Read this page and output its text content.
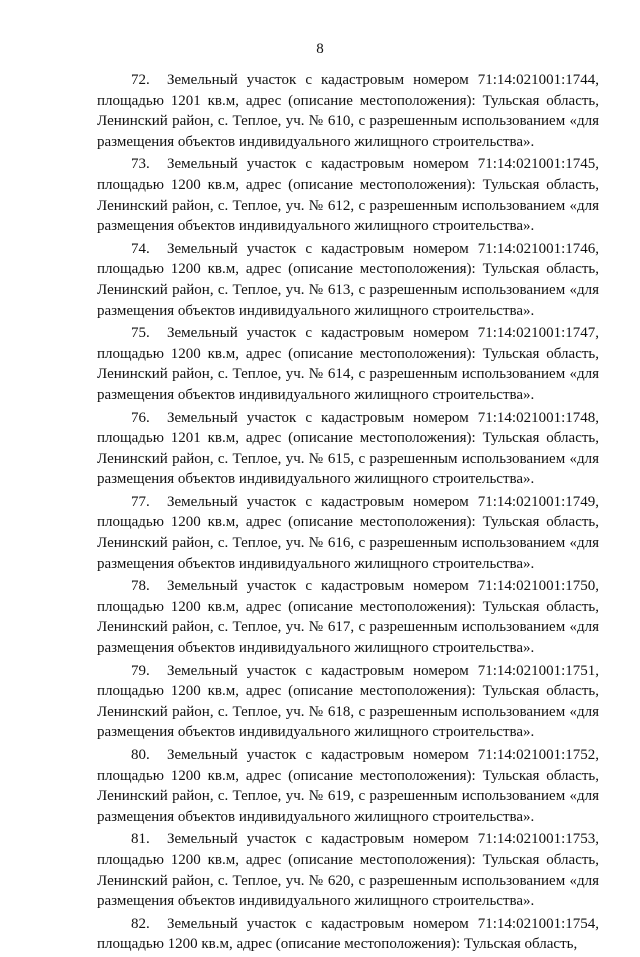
8

72. Земельный участок с кадастровым номером 71:14:021001:1744, площадью 1201 кв.м, адрес (описание местоположения): Тульская область, Ленинский район, с. Теплое, уч. № 610, с разрешенным использованием «для размещения объектов индивидуального жилищного строительства».

73. Земельный участок с кадастровым номером 71:14:021001:1745, площадью 1200 кв.м, адрес (описание местоположения): Тульская область, Ленинский район, с. Теплое, уч. № 612, с разрешенным использованием «для размещения объектов индивидуального жилищного строительства».

74. Земельный участок с кадастровым номером 71:14:021001:1746, площадью 1200 кв.м, адрес (описание местоположения): Тульская область, Ленинский район, с. Теплое, уч. № 613, с разрешенным использованием «для размещения объектов индивидуального жилищного строительства».

75. Земельный участок с кадастровым номером 71:14:021001:1747, площадью 1200 кв.м, адрес (описание местоположения): Тульская область, Ленинский район, с. Теплое, уч. № 614, с разрешенным использованием «для размещения объектов индивидуального жилищного строительства».

76. Земельный участок с кадастровым номером 71:14:021001:1748, площадью 1201 кв.м, адрес (описание местоположения): Тульская область, Ленинский район, с. Теплое, уч. № 615, с разрешенным использованием «для размещения объектов индивидуального жилищного строительства».

77. Земельный участок с кадастровым номером 71:14:021001:1749, площадью 1200 кв.м, адрес (описание местоположения): Тульская область, Ленинский район, с. Теплое, уч. № 616, с разрешенным использованием «для размещения объектов индивидуального жилищного строительства».

78. Земельный участок с кадастровым номером 71:14:021001:1750, площадью 1200 кв.м, адрес (описание местоположения): Тульская область, Ленинский район, с. Теплое, уч. № 617, с разрешенным использованием «для размещения объектов индивидуального жилищного строительства».

79. Земельный участок с кадастровым номером 71:14:021001:1751, площадью 1200 кв.м, адрес (описание местоположения): Тульская область, Ленинский район, с. Теплое, уч. № 618, с разрешенным использованием «для размещения объектов индивидуального жилищного строительства».

80. Земельный участок с кадастровым номером 71:14:021001:1752, площадью 1200 кв.м, адрес (описание местоположения): Тульская область, Ленинский район, с. Теплое, уч. № 619, с разрешенным использованием «для размещения объектов индивидуального жилищного строительства».

81. Земельный участок с кадастровым номером 71:14:021001:1753, площадью 1200 кв.м, адрес (описание местоположения): Тульская область, Ленинский район, с. Теплое, уч. № 620, с разрешенным использованием «для размещения объектов индивидуального жилищного строительства».

82. Земельный участок с кадастровым номером 71:14:021001:1754, площадью 1200 кв.м, адрес (описание местоположения): Тульская область,
